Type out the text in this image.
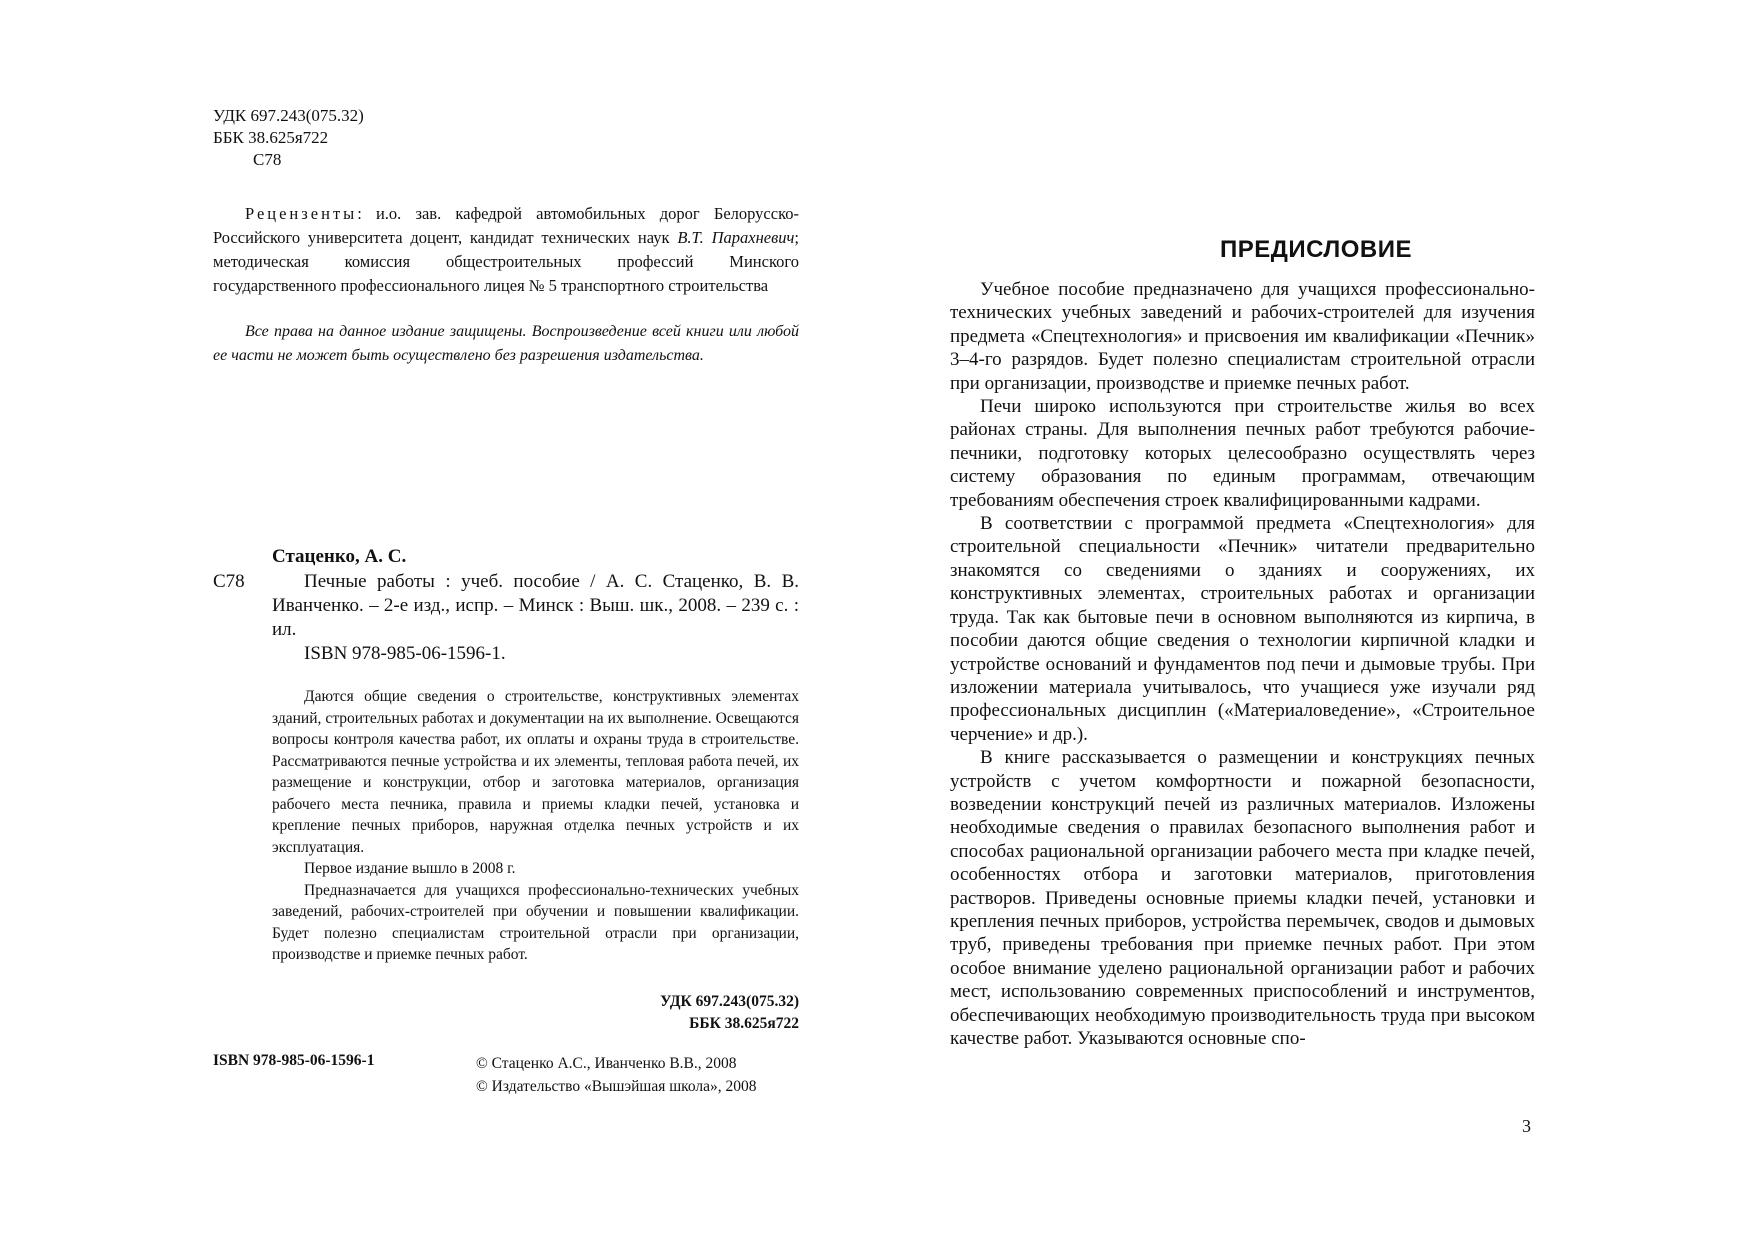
УДК 697.243(075.32)
ББК 38.625я722
С78
Рецензенты: и.о. зав. кафедрой автомобильных дорог Белорусско-Российского университета доцент, кандидат технических наук В.Т. Парахневич; методическая комиссия общестроительных профессий Минского государственного профессионального лицея № 5 транспортного строительства
Все права на данное издание защищены. Воспроизведение всей книги или любой ее части не может быть осуществлено без разрешения издательства.
Стаценко, А. С.
С78	Печные работы : учеб. пособие / А. С. Стаценко, В. В. Иванченко. – 2-е изд., испр. – Минск : Выш. шк., 2008. – 239 с. : ил.

ISBN 978-985-06-1596-1.

Даются общие сведения о строительстве, конструктивных элементах зданий, строительных работах и документации на их выполнение. Освещаются вопросы контроля качества работ, их оплаты и охраны труда в строительстве. Рассматриваются печные устройства и их элементы, тепловая работа печей, их размещение и конструкции, отбор и заготовка материалов, организация рабочего места печника, правила и приемы кладки печей, установка и крепление печных приборов, наружная отделка печных устройств и их эксплуатация.

Первое издание вышло в 2008 г.

Предназначается для учащихся профессионально-технических учебных заведений, рабочих-строителей при обучении и повышении квалификации. Будет полезно специалистам строительной отрасли при организации, производстве и приемке печных работ.

УДК 697.243(075.32)
ББК 38.625я722
ISBN 978-985-06-1596-1	© Стаценко А.С., Иванченко В.В., 2008
© Издательство «Вышэйшая школа», 2008
ПРЕДИСЛОВИЕ

Учебное пособие предназначено для учащихся профессионально-технических учебных заведений и рабочих-строителей для изучения предмета «Спецтехнология» и присвоения им квалификации «Печник» 3–4-го разрядов. Будет полезно специалистам строительной отрасли при организации, производстве и приемке печных работ.

Печи широко используются при строительстве жилья во всех районах страны. Для выполнения печных работ требуются рабочие-печники, подготовку которых целесообразно осуществлять через систему образования по единым программам, отвечающим требованиям обеспечения строек квалифицированными кадрами.

В соответствии с программой предмета «Спецтехнология» для строительной специальности «Печник» читатели предварительно знакомятся со сведениями о зданиях и сооружениях, их конструктивных элементах, строительных работах и организации труда. Так как бытовые печи в основном выполняются из кирпича, в пособии даются общие сведения о технологии кирпичной кладки и устройстве оснований и фундаментов под печи и дымовые трубы. При изложении материала учитывалось, что учащиеся уже изучали ряд профессиональных дисциплин («Материаловедение», «Строительное черчение» и др.).

В книге рассказывается о размещении и конструкциях печных устройств с учетом комфортности и пожарной безопасности, возведении конструкций печей из различных материалов. Изложены необходимые сведения о правилах безопасного выполнения работ и способах рациональной организации рабочего места при кладке печей, особенностях отбора и заготовки материалов, приготовления растворов. Приведены основные приемы кладки печей, установки и крепления печных приборов, устройства перемычек, сводов и дымовых труб, приведены требования при приемке печных работ. При этом особое внимание уделено рациональной организации работ и рабочих мест, использованию современных приспособлений и инструментов, обеспечивающих необходимую производительность труда при высоком качестве работ. Указываются основные спо-

3
